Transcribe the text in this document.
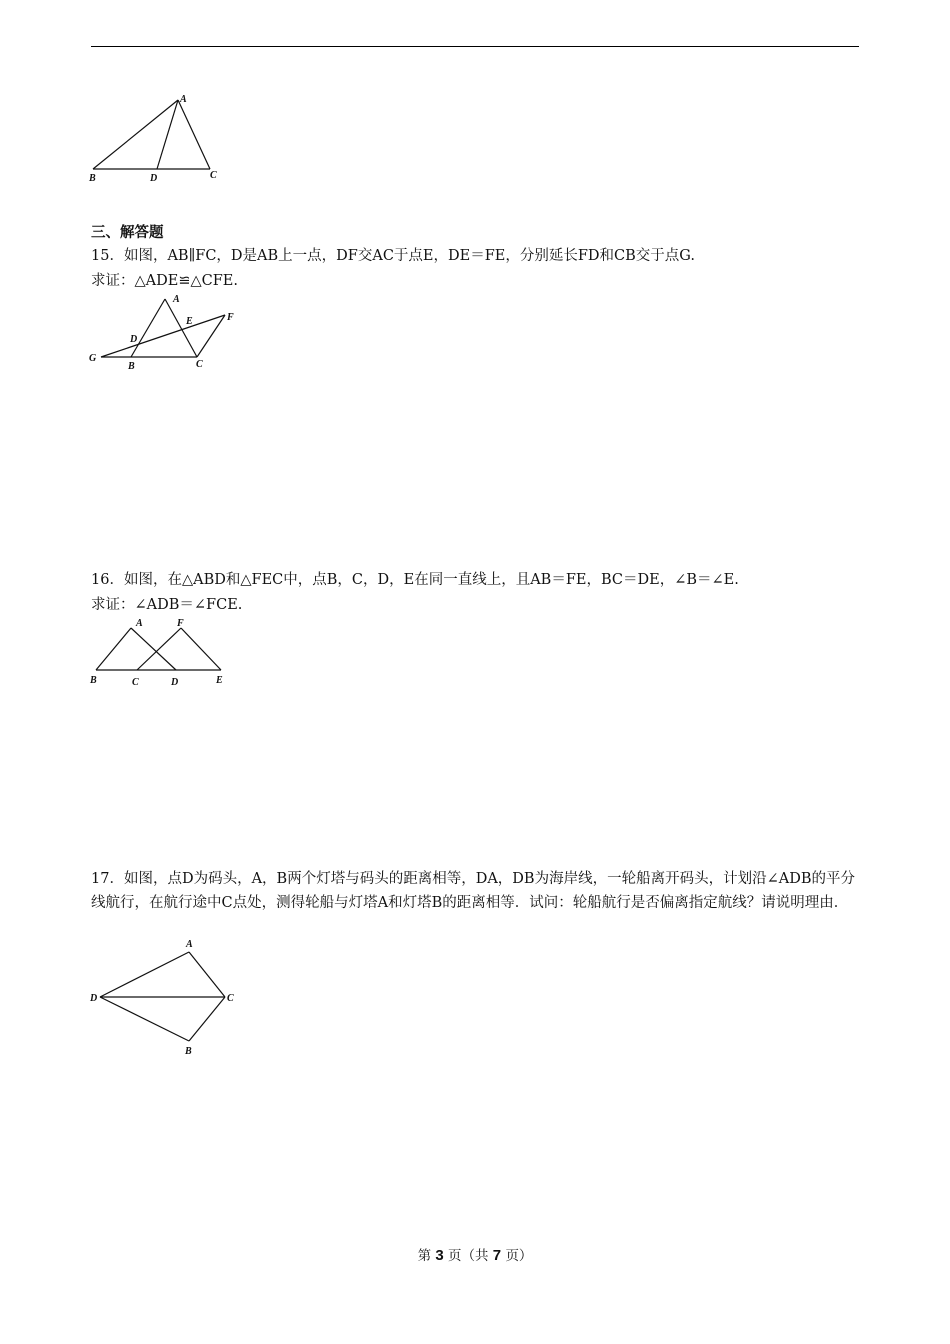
A
B	D	C
三、解答题
15．如图，AB∥FC，D是AB上一点，DF交AC于点E，DE＝FE，分别延长FD和CB交于点G.
求证：△ADE≌△CFE.
A
E	F
D
G
B	C
16．如图，在△ABD和△FEC中，点B，C，D，E在同一直线上，且AB＝FE，BC＝DE，∠B＝∠E.
求证：∠ADB＝∠FCE.
A	F
B	C	D	E
17．如图，点D为码头，A，B两个灯塔与码头的距离相等，DA，DB为海岸线，一轮船离开码头，计划沿∠ADB的平分线航行，在航行途中C点处，测得轮船与灯塔A和灯塔B的距离相等．试问：轮船航行是否偏离指定航线？请说明理由．
A
D	C
B
第 3 页（共 7 页）
